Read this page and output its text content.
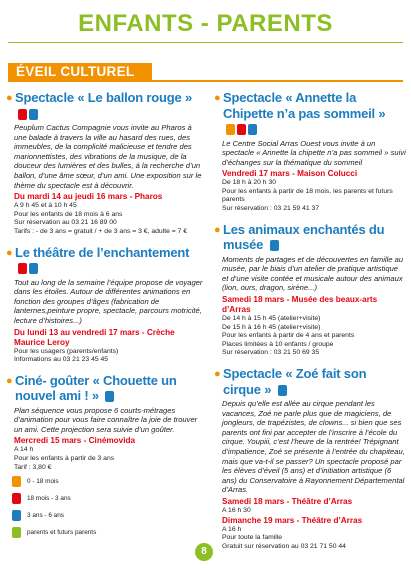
ENFANTS - PARENTS
ÉVEIL CULTUREL
● Spectacle « Le ballon rouge »
Peuplum Cactus Compagnie vous invite au Pharos à une balade à travers la ville au hasard des rues, des immeubles, de la complicité malicieuse et tendre des marionnettistes, des vibrations de la musique, de la douceur des lumières et des bulles, à la recherche d’un ballon, d’une âme sœur, d’un ami. Une exposition sur le thème du spectacle est à découvrir.
Du mardi 14 au jeudi 16 mars - Pharos
A 9 h 45 et à 10 h 45
Pour les enfants de 18 mois à 6 ans
Sur réservation au 03 21 16 89 00
Tarifs : - de 3 ans = gratuit / + de 3 ans = 3 €, adulte = 7 €
● Le théâtre de l’enchantement
Tout au long de la semaine l’équipe propose de voyager dans les étoiles. Autour de différentes animations en fonction des groupes d’âges (fabrication de lanternes,peinture propre, spectacle, parcours motricité, lecture d’histoires...)
Du lundi 13 au vendredi 17 mars - Crèche Maurice Leroy
Pour les usagers (parents/enfants)
Informations au 03 21 23 45 45
● Ciné- goûter « Chouette un nouvel ami ! »
Plan séquence vous propose 6 courts-métrages d’animation pour vous faire connaître la joie de trouver un ami. Cette projection sera suivie d’un goûter.
Mercredi 15 mars - Cinémovida
A 14 h
Pour les enfants à partir de 3 ans
Tarif : 3,80 €
● Spectacle « Annette la Chipette n’a pas sommeil »
Le Centre Social Arras Ouest vous invite à un spectacle « Annette la chipette n’a pas sommeil » suivi d’échanges sur la thématique du sommeil
Vendredi 17 mars - Maison Colucci
De 18 h à 20 h 30
Pour les enfants à partir de 18 mois, les parents et futurs parents
Sur réservation : 03 21 59 41 37
● Les animaux enchantés du musée
Moments de partages et de découvertes en famille au musée, par le biais d’un atelier de pratique artistique et d’une visite contée et musicale autour des animaux (lion, ours, dragon, sirène...)
Samedi 18 mars - Musée des beaux-arts d’Arras
De 14 h à 15 h 45 (atelier+visite)
De 15 h à 16 h 45 (atelier+visite)
Pour les enfants à partir de 4 ans et parents
Places limitées à 10 enfants / groupe
Sur réservation : 03 21 50 69 35
● Spectacle « Zoé fait son cirque »
Depuis qu’elle est allée au cirque pendant les vacances, Zoé ne parle plus que de magiciens, de jongleurs, de trapézistes, de clowns... si bien que ses parents ont fini par accepter de l’inscrire à l’école du cirque. Youpiii, c’est l’heure de la rentrée! Trépignant d’impatience, Zoé se présente à l’entrée du chapiteau, mais que va-t-il se passer? Un spectacle proposé par les élèves d’éveil (5 ans) et d’initiation artistique (6 ans) du Conservatoire à Rayonnement Départemental d’Arras.
Samedi 18 mars - Théâtre d’Arras
A 16 h 30
Dimanche 19 mars - Théâtre d’Arras
A 16 h
Pour toute la famille
Gratuit sur réservation au 03 21 71 50 44
0 - 18 mois
18 mois - 3 ans
3 ans - 6 ans
parents et futurs parents
8
